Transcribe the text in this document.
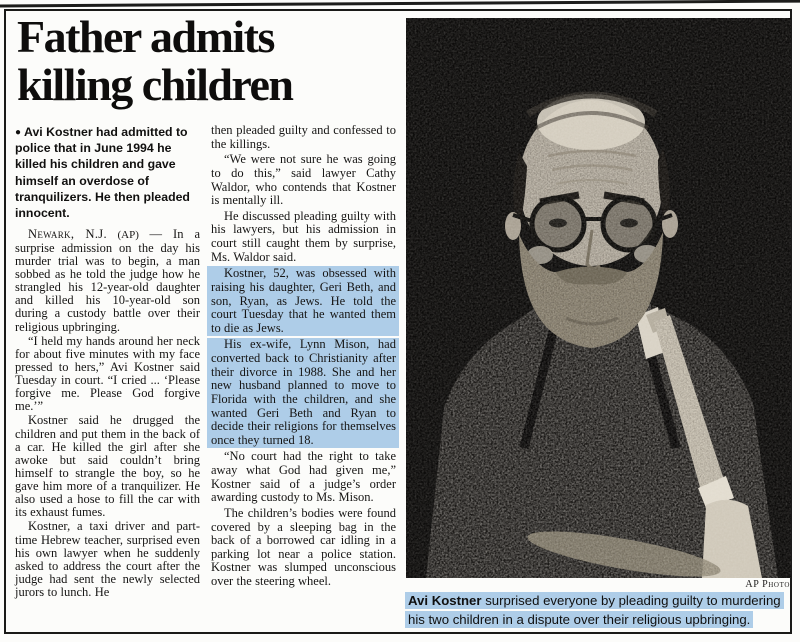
Father admits
killing children

● Avi Kostner had admitted to police that in June 1994 he killed his children and gave himself an overdose of tranquilizers. He then pleaded innocent.

Newark, N.J. (AP) — In a surprise admission on the day his murder trial was to begin, a man sobbed as he told the judge how he strangled his 12-year-old daughter and killed his 10-year-old son during a custody battle over their religious upbringing.

“I held my hands around her neck for about five minutes with my face pressed to hers,” Avi Kostner said Tuesday in court. “I cried ... ‘Please forgive me. Please God forgive me.’”

Kostner said he drugged the children and put them in the back of a car. He killed the girl after she awoke but said couldn’t bring himself to strangle the boy, so he gave him more of a tranquilizer. He also used a hose to fill the car with its exhaust fumes.

Kostner, a taxi driver and part-time Hebrew teacher, surprised even his own lawyer when he suddenly asked to address the court after the judge had sent the newly selected jurors to lunch. He

then pleaded guilty and confessed to the killings.

“We were not sure he was going to do this,” said lawyer Cathy Waldor, who contends that Kostner is mentally ill.

He discussed pleading guilty with his lawyers, but his admission in court still caught them by surprise, Ms. Waldor said.

Kostner, 52, was obsessed with raising his daughter, Geri Beth, and son, Ryan, as Jews. He told the court Tuesday that he wanted them to die as Jews.

His ex-wife, Lynn Mison, had converted back to Christianity after their divorce in 1988. She and her new husband planned to move to Florida with the children, and she wanted Geri Beth and Ryan to decide their religions for themselves once they turned 18.

“No court had the right to take away what God had given me,” Kostner said of a judge’s order awarding custody to Ms. Mison.

The children’s bodies were found covered by a sleeping bag in the back of a borrowed car idling in a parking lot near a police station. Kostner was slumped unconscious over the steering wheel.	AP Photo
Avi Kostner surprised everyone by pleading guilty to murdering his two children in a dispute over their religious upbringing.
